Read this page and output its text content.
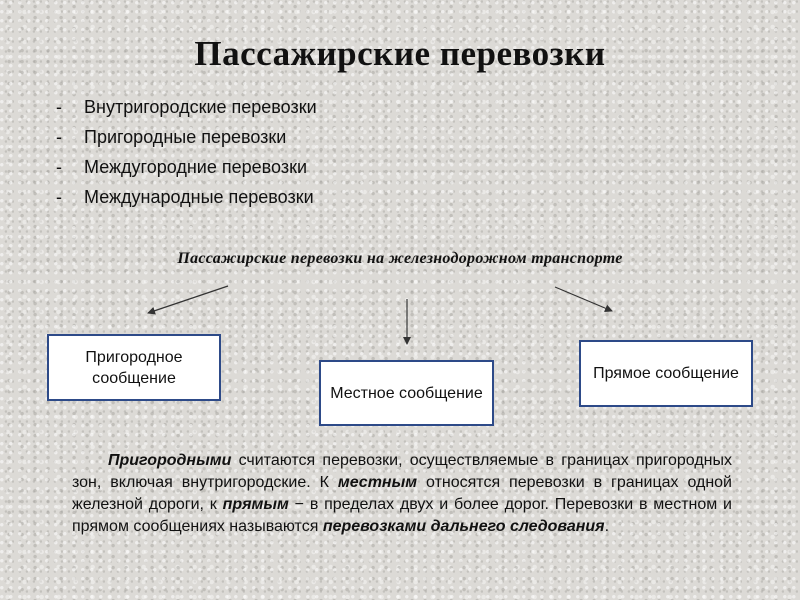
Пассажирские перевозки
- Внутригородские перевозки
- Пригородные перевозки
- Междугородние перевозки
- Международные перевозки
Пассажирские перевозки на железнодорожном транспорте
Пригородное сообщение
Местное сообщение
Прямое сообщение
Пригородными считаются перевозки, осуществляемые в границах пригородных зон, включая внутригородские. К местным относятся перевозки в границах одной железной дороги, к прямым − в пределах двух и более дорог. Перевозки в местном и прямом сообщениях называются перевозками дальнего следования.
